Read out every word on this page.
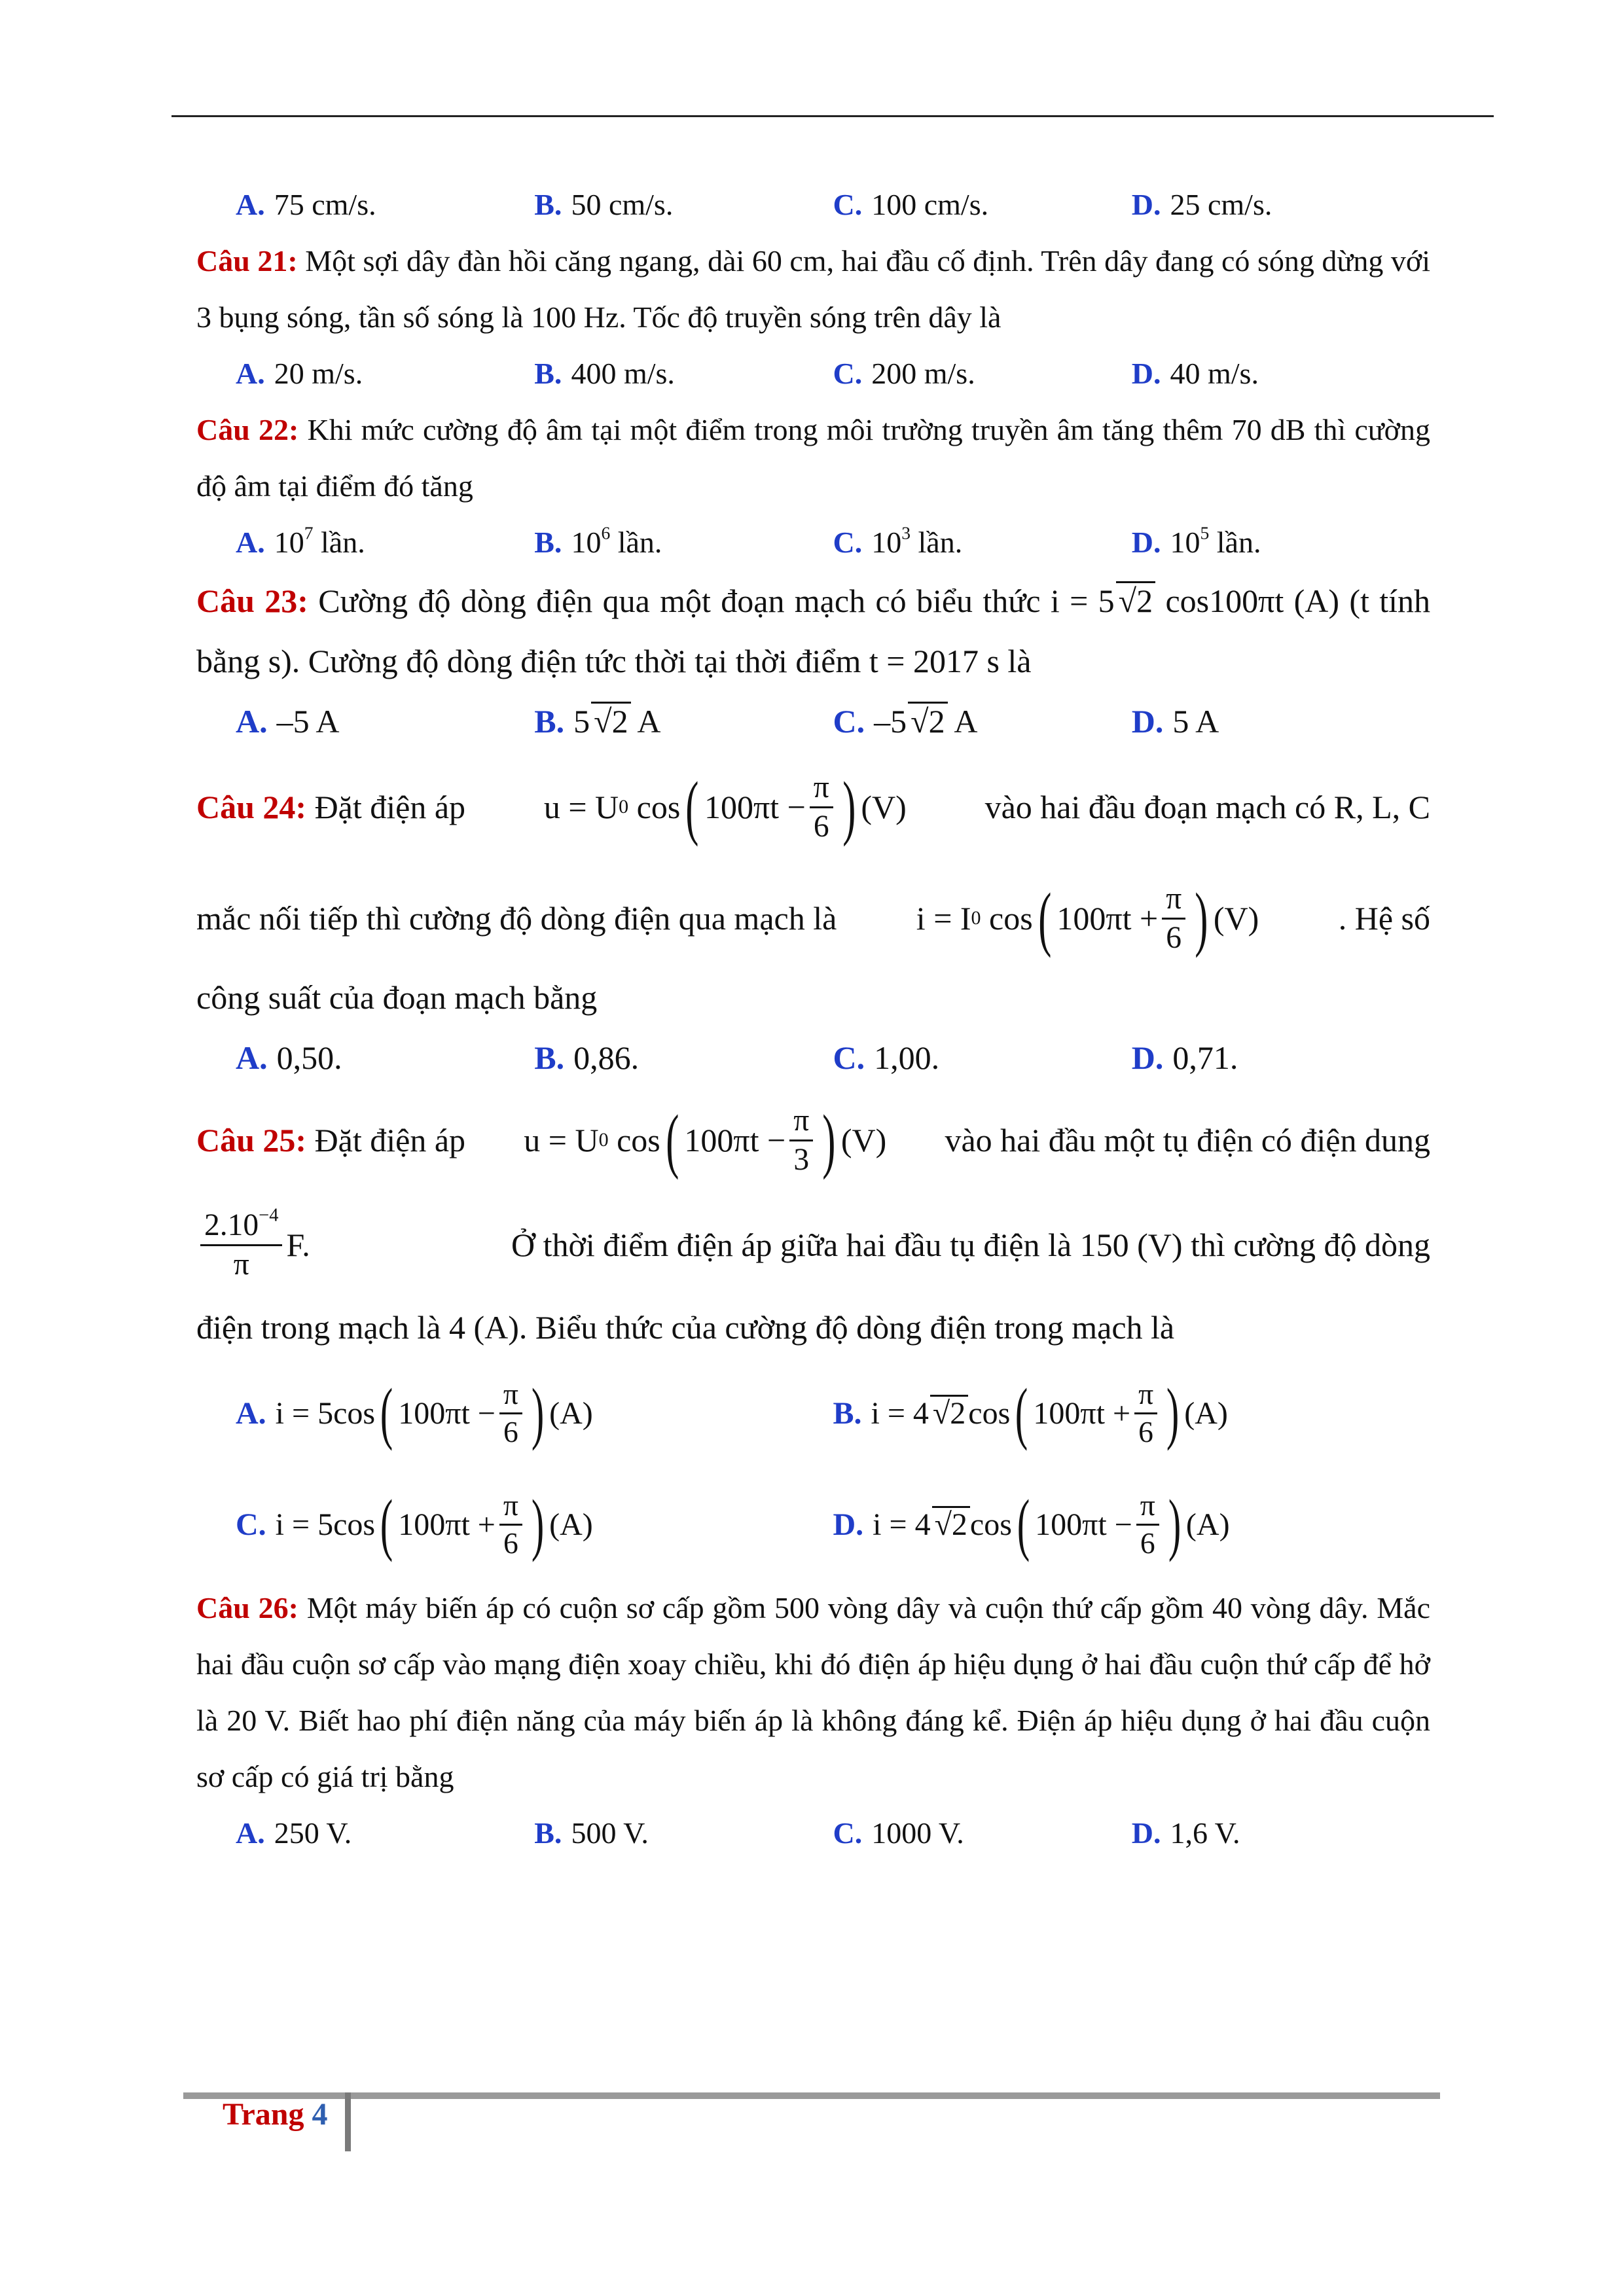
A. 75 cm/s.	B. 50 cm/s.	C. 100 cm/s.	D. 25 cm/s.
Câu 21: Một sợi dây đàn hồi căng ngang, dài 60 cm, hai đầu cố định. Trên dây đang có sóng dừng với 3 bụng sóng, tần số sóng là 100 Hz. Tốc độ truyền sóng trên dây là
A. 20 m/s.	B. 400 m/s.	C. 200 m/s.	D. 40 m/s.
Câu 22: Khi mức cường độ âm tại một điểm trong môi trường truyền âm tăng thêm 70 dB thì cường độ âm tại điểm đó tăng
A. $10^7$ lần.	B. $10^6$ lần.	C. $10^3$ lần.	D. $10^5$ lần.
Câu 23: Cường độ dòng điện qua một đoạn mạch có biểu thức i = 5 √2 cos100πt (A) (t tính bằng s). Cường độ dòng điện tức thời tại thời điểm t = 2017 s là
A. –5 A	B. 5 √2 A	C. –5 √2 A	D. 5 A
Câu 24: Đặt điện áp u = U 0
cos ( $100\pi t - \frac{\pi}{6}$ ) (V) vào hai đầu đoạn mạch có R, L, C
mắc nối tiếp thì cường độ dòng điện qua mạch là i = I 0
cos ( $100\pi t + \frac{\pi}{6}$ ) (V) . Hệ số
công suất của đoạn mạch bằng
A. 0,50.	B. 0,86.	C. 1,00.	D. 0,71.
Câu 25: Đặt điện áp u = U 0
cos ( $100\pi t - \frac{\pi}{3}$ ) (V) vào hai đầu một tụ điện có điện dung
$\frac{2.10^{-4}}{\pi} F$.	Ở thời điểm điện áp giữa hai đầu tụ điện là 150 (V) thì cường độ dòng
điện trong mạch là 4 (A). Biểu thức của cường độ dòng điện trong mạch là
A. i = 5cos ( $100\pi t - \frac{\pi}{6}$ ) (A)	B. i = 4 √2 cos ( $100\pi t + \frac{\pi}{6}$ ) (A)
C. i = 5cos ( $100\pi t + \frac{\pi}{6}$ ) (A)	D. i = 4 √2 cos ( $100\pi t - \frac{\pi}{6}$ ) (A)
Câu 26: Một máy biến áp có cuộn sơ cấp gồm 500 vòng dây và cuộn thứ cấp gồm 40 vòng dây. Mắc hai đầu cuộn sơ cấp vào mạng điện xoay chiều, khi đó điện áp hiệu dụng ở hai đầu cuộn thứ cấp để hở là 20 V. Biết hao phí điện năng của máy biến áp là không đáng kể. Điện áp hiệu dụng ở hai đầu cuộn sơ cấp có giá trị bằng
A. 250 V.	B. 500 V.	C. 1000 V.	D. 1,6 V.
Trang 4
